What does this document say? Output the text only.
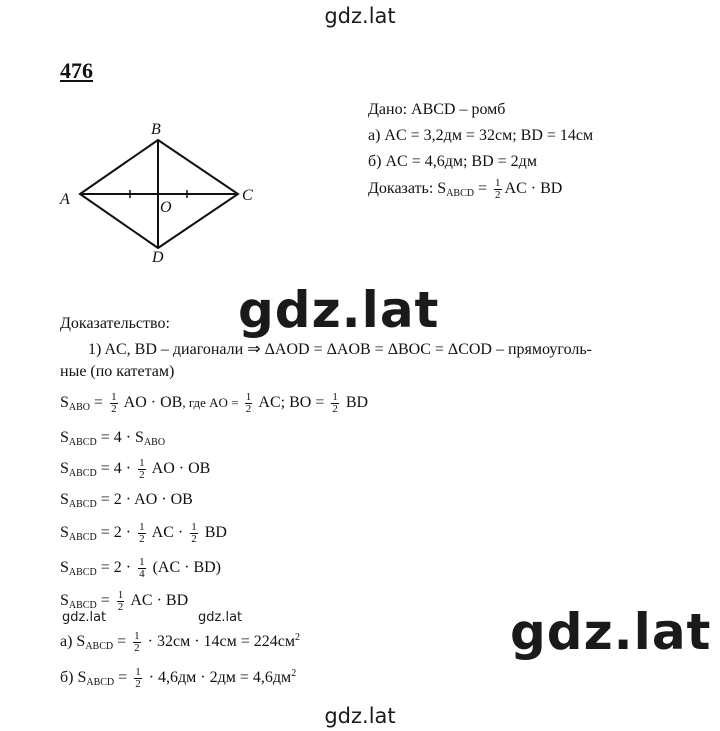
gdz.lat
476
A
B
C
D
O
Дано: ABCD – ромб
а) AC = 3,2дм = 32см; BD = 14см
б) AC = 4,6дм; BD = 2дм
Доказать: $S_{ABCD} = \frac{1}{2}$ AC · BD
gdz.lat
Доказательство:
1) AC, BD – диагонали ⇒ ΔAOD = ΔAOB = ΔBOC = ΔCOD – прямоуголь-
ные (по катетам)
$S_{ABO} = \frac{1}{2}$ AO · OB, где AO = $\frac{1}{2}$ AC; BO = $\frac{1}{2}$ BD
$S_{ABCD} = 4 \cdot S_{ABO}$
$S_{ABCD} = 4 \cdot \frac{1}{2}$ AO · OB
$S_{ABCD} = 2$ · AO · OB
$S_{ABCD} = 2 \cdot \frac{1}{2}$ AC · $\frac{1}{2}$ BD
$S_{ABCD} = 2 \cdot \frac{1}{4} (AC \cdot BD)$
$S_{ABCD} = \frac{1}{2}$ AC · BD
gdz.lat	gdz.lat
а) $S_{ABCD} = \frac{1}{2} \cdot 32см \cdot 14см = 224см^2$
б) $S_{ABCD} = \frac{1}{2} \cdot 4,6дм \cdot 2дм = 4,6дм^2$
gdz.lat
gdz.lat
